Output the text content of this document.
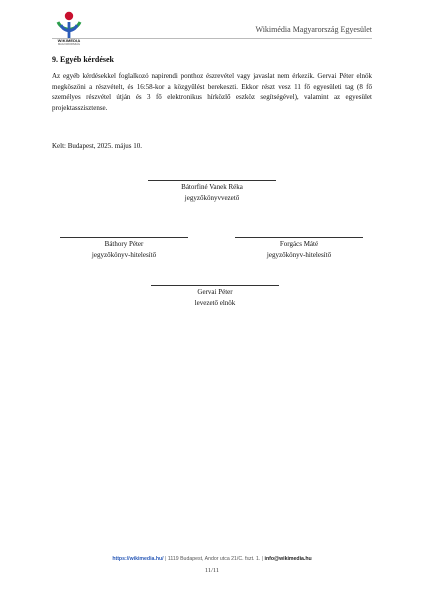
WIKIMEDIA
MAGYARORSZÁG
Wikimédia Magyarország Egyesület
9. Egyéb kérdések
Az egyéb kérdésekkel foglalkozó napirendi ponthoz észrevétel vagy javaslat nem érkezik. Gervai Péter elnök megköszöni a részvételt, és 16:58-kor a közgyűlést berekeszti. Ekkor részt vesz 11 fő egyesületi tag (8 fő személyes részvétel útján és 3 fő elektronikus hírközlő eszköz segítségével), valamint az egyesület projektasszisztense.
Kelt: Budapest, 2025. május 10.
Bátorfiné Vanek Réka
jegyzőkönyvvezető
Báthory Péter
jegyzőkönyv-hitelesítő
Forgács Máté
jegyzőkönyv-hitelesítő
Gervai Péter
levezető elnök
https://wikimedia.hu/ | 1119 Budapest, Andor utca 21/C. fszt. 1. | info@wikimedia.hu
11/11
